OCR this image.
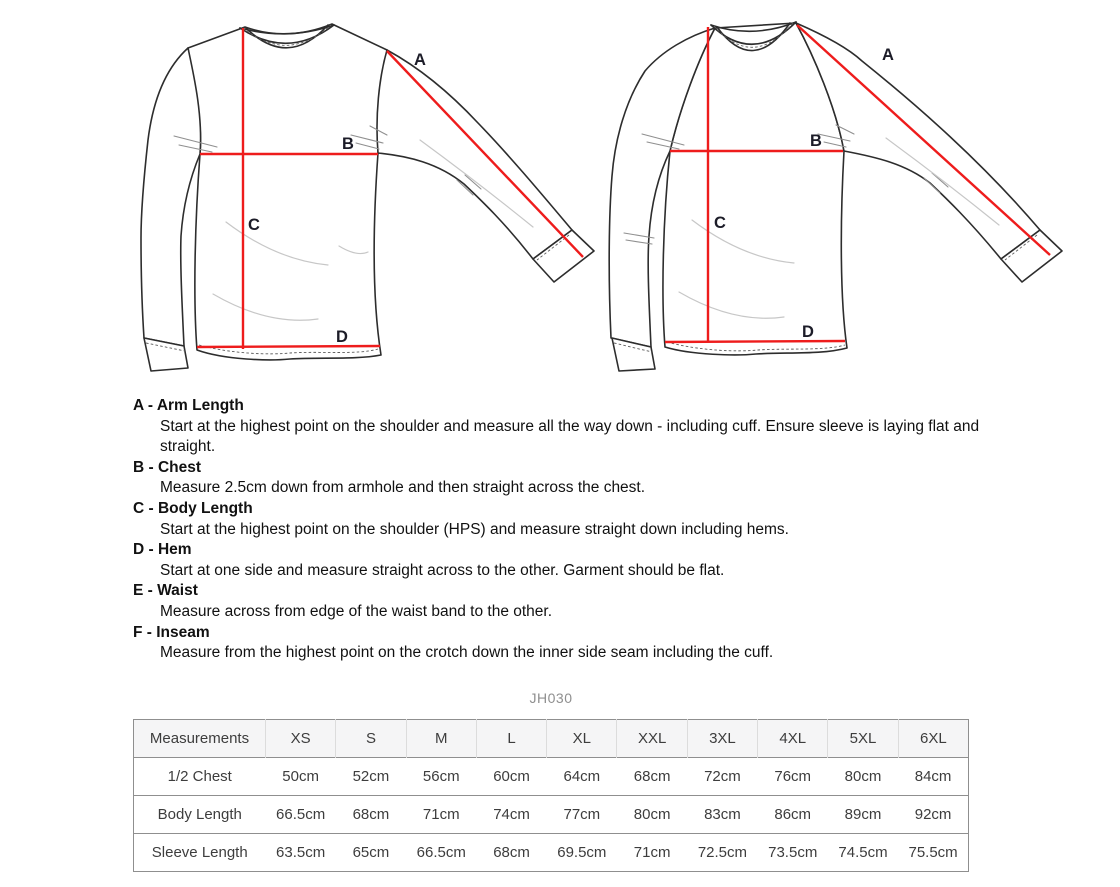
A
B
C
D
A
B
C
D
A - Arm Length
Start at the highest point on the shoulder and measure all the way down - including cuff. Ensure sleeve is laying flat and straight.
B - Chest
Measure 2.5cm down from armhole and then straight across the chest.
C - Body Length
Start at the highest point on the shoulder (HPS) and measure straight down including hems.
D - Hem
Start at one side and measure straight across to the other. Garment should be flat.
E - Waist
Measure across from edge of the waist band to the other.
F - Inseam
Measure from the highest point on the crotch down the inner side seam including the cuff.
JH030
Measurements	XS	S	M	L	XL	XXL	3XL	4XL	5XL	6XL
1/2 Chest	50cm	52cm	56cm	60cm	64cm	68cm	72cm	76cm	80cm	84cm
Body Length	66.5cm	68cm	71cm	74cm	77cm	80cm	83cm	86cm	89cm	92cm
Sleeve Length	63.5cm	65cm	66.5cm	68cm	69.5cm	71cm	72.5cm	73.5cm	74.5cm	75.5cm
